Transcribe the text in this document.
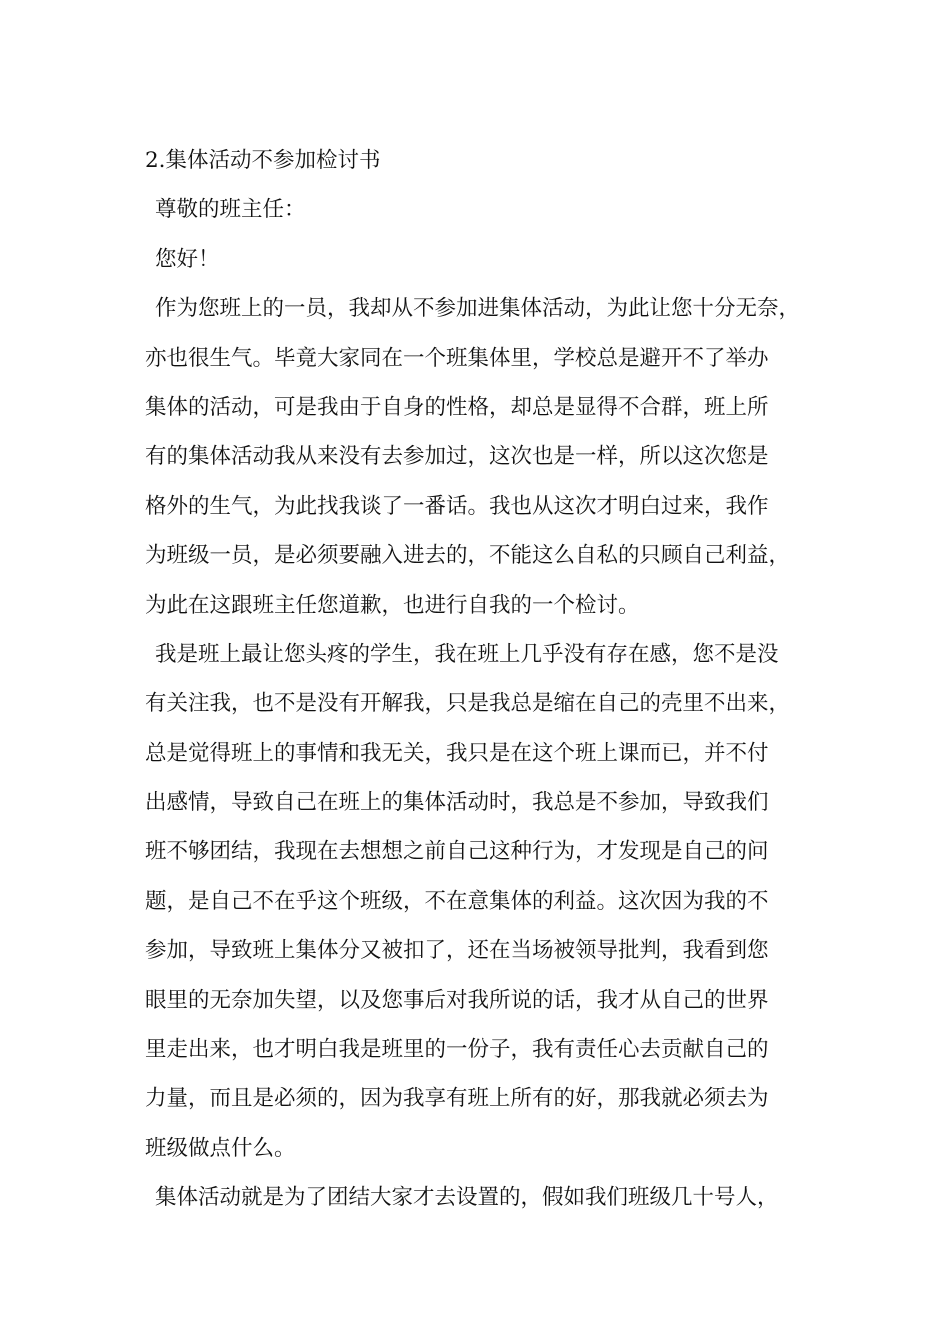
2.集体活动不参加检讨书
尊敬的班主任：
您好！
作为您班上的一员，我却从不参加进集体活动，为此让您十分无奈，
亦也很生气。毕竟大家同在一个班集体里，学校总是避开不了举办
集体的活动，可是我由于自身的性格，却总是显得不合群，班上所
有的集体活动我从来没有去参加过，这次也是一样，所以这次您是
格外的生气，为此找我谈了一番话。我也从这次才明白过来，我作
为班级一员，是必须要融入进去的，不能这么自私的只顾自己利益，
为此在这跟班主任您道歉，也进行自我的一个检讨。
我是班上最让您头疼的学生，我在班上几乎没有存在感，您不是没
有关注我，也不是没有开解我，只是我总是缩在自己的壳里不出来，
总是觉得班上的事情和我无关，我只是在这个班上课而已，并不付
出感情，导致自己在班上的集体活动时，我总是不参加，导致我们
班不够团结，我现在去想想之前自己这种行为，才发现是自己的问
题，是自己不在乎这个班级，不在意集体的利益。这次因为我的不
参加，导致班上集体分又被扣了，还在当场被领导批判，我看到您
眼里的无奈加失望，以及您事后对我所说的话，我才从自己的世界
里走出来，也才明白我是班里的一份子，我有责任心去贡献自己的
力量，而且是必须的，因为我享有班上所有的好，那我就必须去为
班级做点什么。
集体活动就是为了团结大家才去设置的，假如我们班级几十号人，
